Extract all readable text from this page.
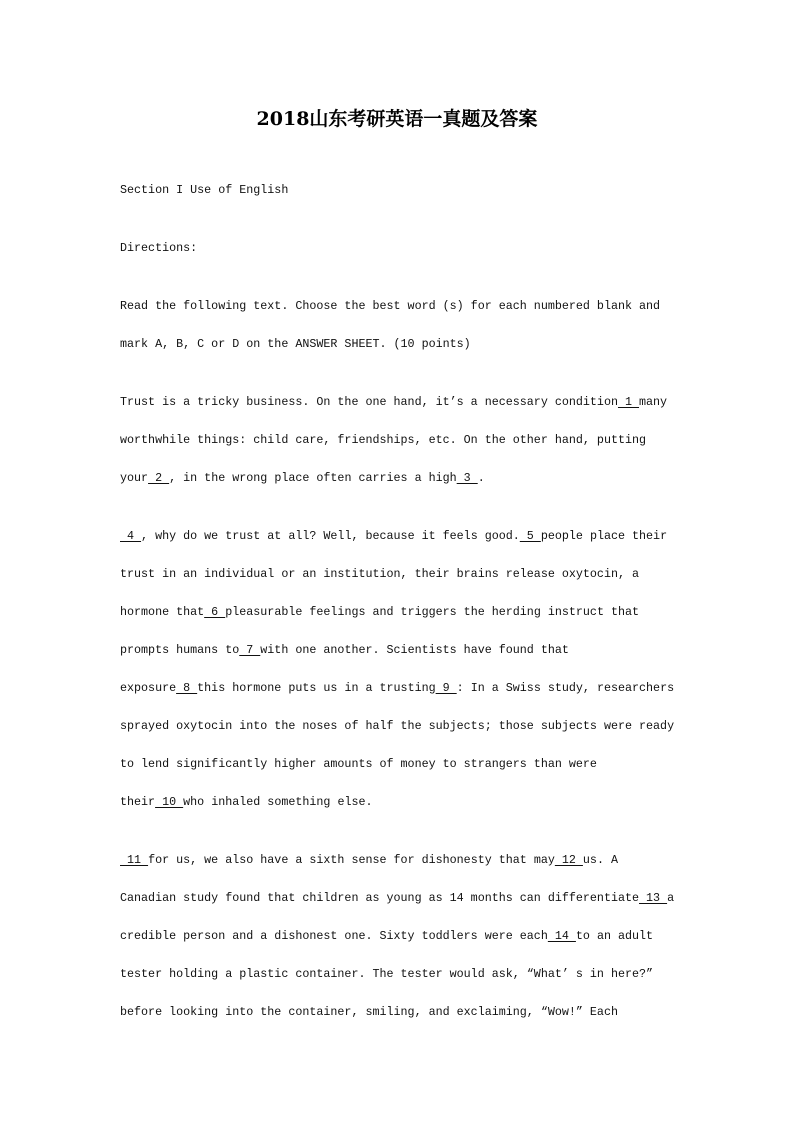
2018山东考研英语一真题及答案
Section I Use of English
Directions:
Read the following text. Choose the best word (s) for each numbered blank and
mark A, B, C or D on the ANSWER SHEET. (10 points)
Trust is a tricky business. On the one hand, it’s a necessary condition 1 many
worthwhile things: child care, friendships, etc. On the other hand, putting
your 2 , in the wrong place often carries a high 3 .
4 , why do we trust at all? Well, because it feels good. 5 people place their
trust in an individual or an institution, their brains release oxytocin, a
hormone that 6 pleasurable feelings and triggers the herding instruct that
prompts humans to 7 with one another. Scientists have found that
exposure 8 this hormone puts us in a trusting 9 : In a Swiss study, researchers
sprayed oxytocin into the noses of half the subjects; those subjects were ready
to lend significantly higher amounts of money to strangers than were
their 10 who inhaled something else.
11 for us, we also have a sixth sense for dishonesty that may 12 us. A
Canadian study found that children as young as 14 months can differentiate 13 a
credible person and a dishonest one. Sixty toddlers were each 14 to an adult
tester holding a plastic container. The tester would ask, “What’ s in here?”
before looking into the container, smiling, and exclaiming, “Wow!” Each
